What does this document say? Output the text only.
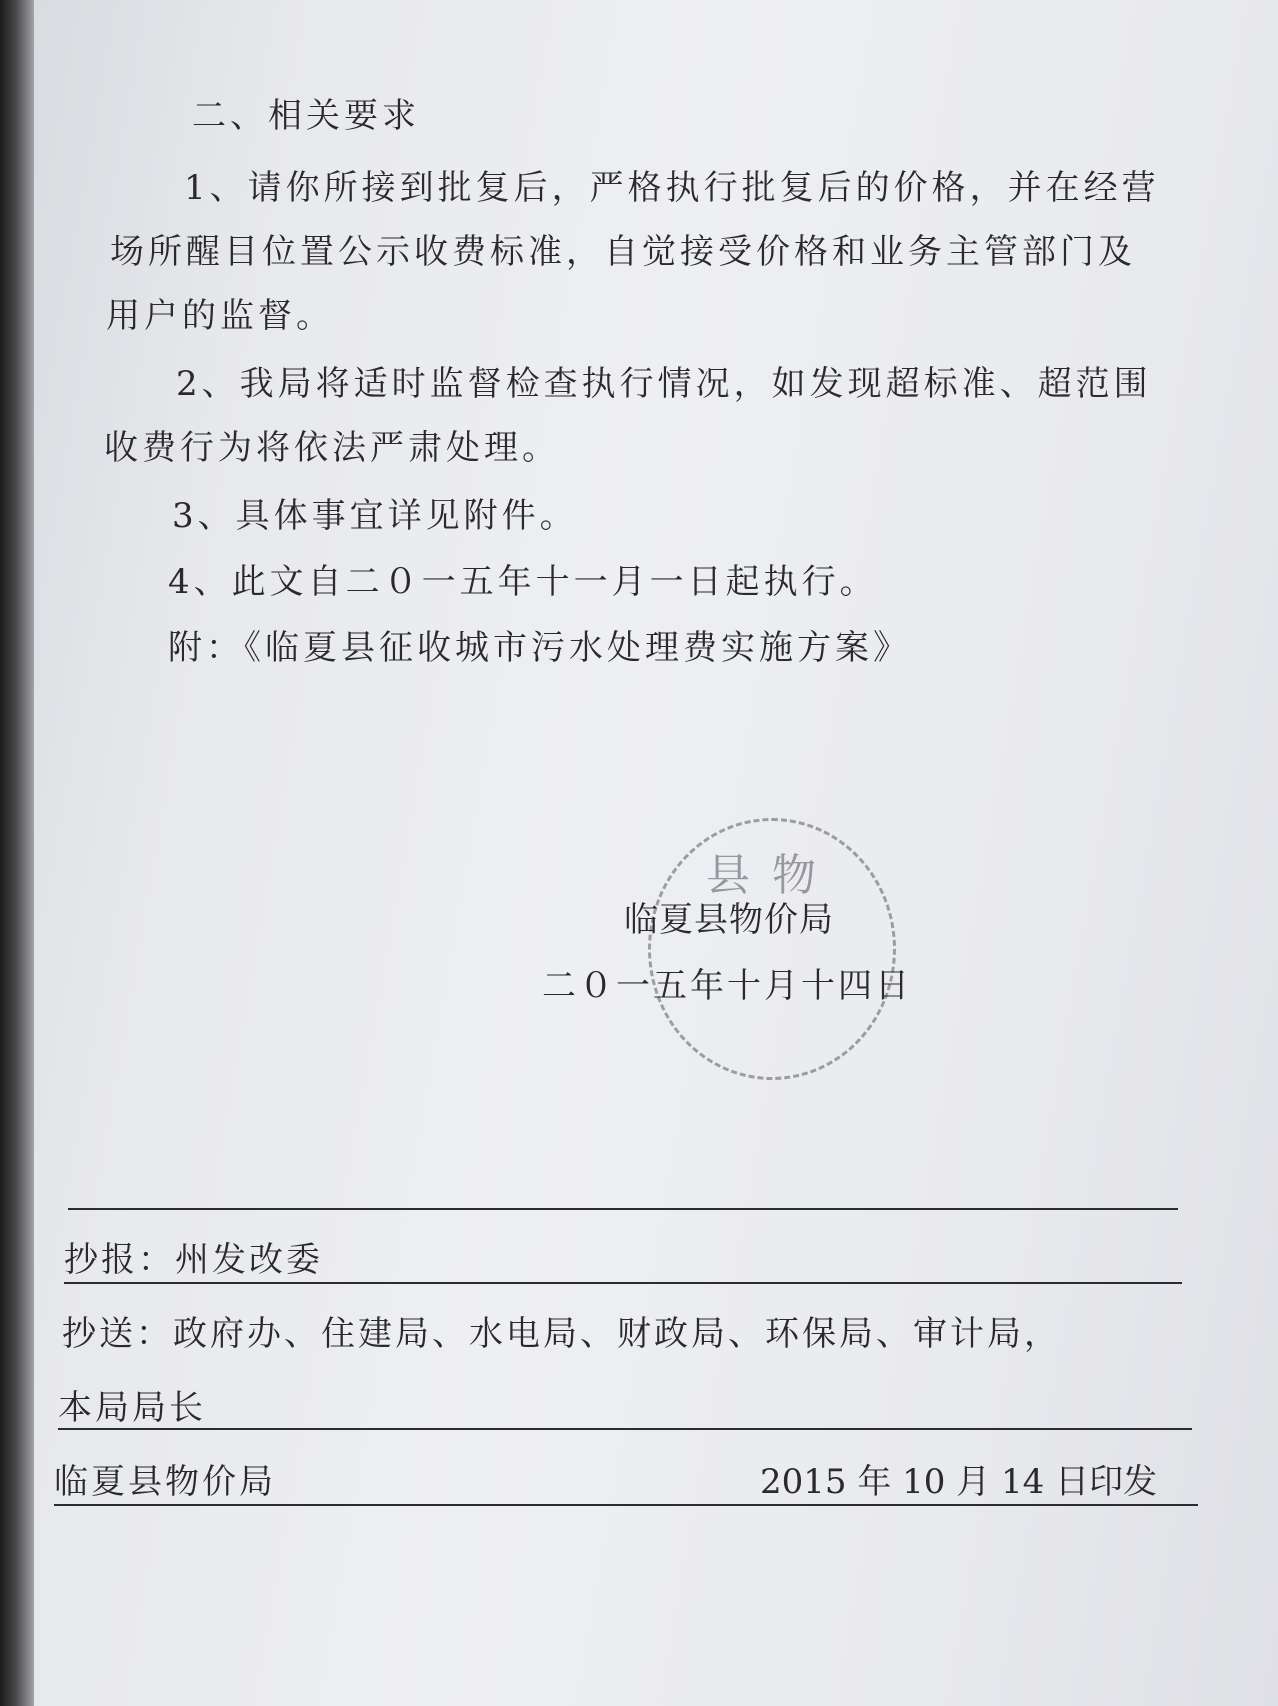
二、相关要求
1、请你所接到批复后，严格执行批复后的价格，并在经营
场所醒目位置公示收费标准，自觉接受价格和业务主管部门及
用户的监督。
2、我局将适时监督检查执行情况，如发现超标准、超范围
收费行为将依法严肃处理。
3、具体事宜详见附件。
4、此文自二０一五年十一月一日起执行。
附：《临夏县征收城市污水处理费实施方案》
县物
临夏县物价局
二０一五年十月十四日
抄报：州发改委
抄送：政府办、住建局、水电局、财政局、环保局、审计局，
本局局长
临夏县物价局	2015 年 10 月 14 日印发
